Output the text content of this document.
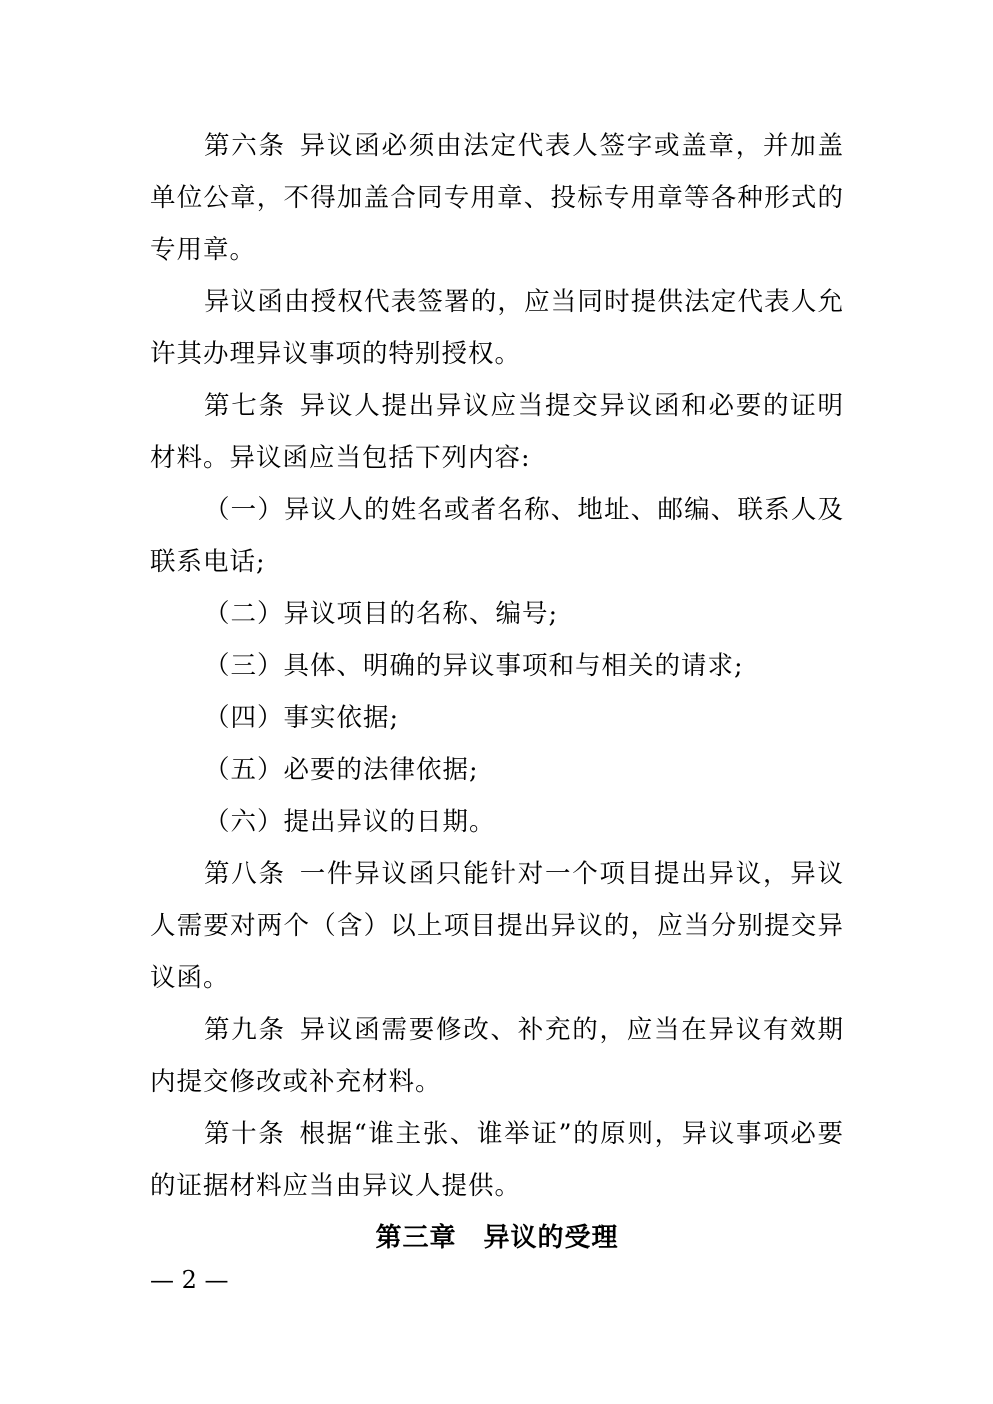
第六条 异议函必须由法定代表人签字或盖章，并加盖单位公章，不得加盖合同专用章、投标专用章等各种形式的专用章。

异议函由授权代表签署的，应当同时提供法定代表人允许其办理异议事项的特别授权。

第七条 异议人提出异议应当提交异议函和必要的证明材料。异议函应当包括下列内容:

（一）异议人的姓名或者名称、地址、邮编、联系人及联系电话;

（二）异议项目的名称、编号;

（三）具体、明确的异议事项和与相关的请求;

（四）事实依据;

（五）必要的法律依据;

（六）提出异议的日期。

第八条 一件异议函只能针对一个项目提出异议，异议人需要对两个（含）以上项目提出异议的，应当分别提交异议函。

第九条 异议函需要修改、补充的，应当在异议有效期内提交修改或补充材料。

第十条 根据“谁主张、谁举证”的原则，异议事项必要的证据材料应当由异议人提供。

第三章　异议的受理
— 2 —
